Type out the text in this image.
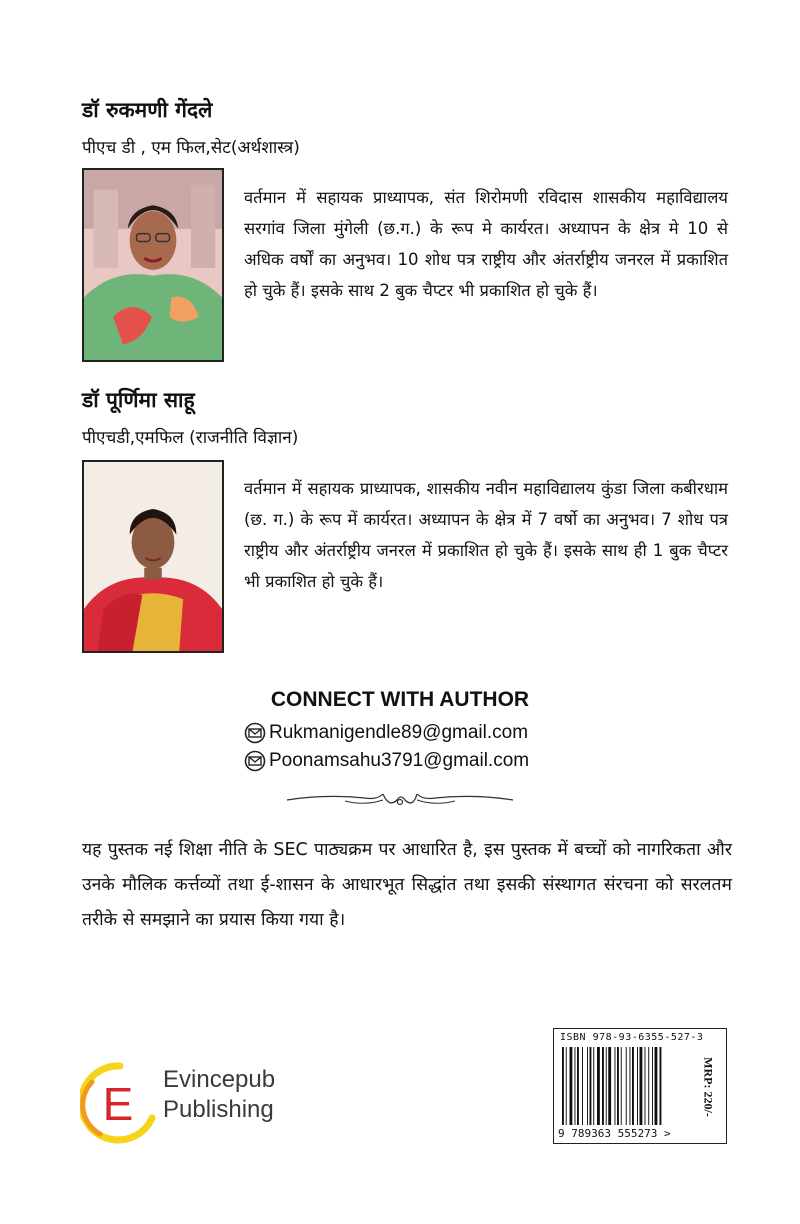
डॉ रुकमणी गेंदले
पीएच डी , एम फिल,सेट(अर्थशास्त्र)

वर्तमान में सहायक प्राध्यापक, संत शिरोमणी रविदास शासकीय महाविद्यालय सरगांव जिला मुंगेली (छ.ग.) के रूप मे कार्यरत। अध्यापन के क्षेत्र मे 10 से अधिक वर्षों का अनुभव। 10 शोध पत्र राष्ट्रीय और अंतर्राष्ट्रीय जनरल में प्रकाशित हो चुके हैं। इसके साथ 2 बुक चैप्टर भी प्रकाशित हो चुके हैं।

डॉ पूर्णिमा साहू
पीएचडी,एमफिल (राजनीति विज्ञान)

वर्तमान में सहायक प्राध्यापक, शासकीय नवीन महाविद्यालय कुंडा जिला कबीरधाम (छ. ग.) के रूप में कार्यरत। अध्यापन के क्षेत्र में 7 वर्षो का अनुभव। 7 शोध पत्र राष्ट्रीय और अंतर्राष्ट्रीय जनरल में प्रकाशित हो चुके हैं। इसके साथ ही 1 बुक चैप्टर भी प्रकाशित हो चुके हैं।

CONNECT WITH AUTHOR
Rukmanigendle89@gmail.com
Poonamsahu3791@gmail.com

यह पुस्तक नई शिक्षा नीति के SEC पाठ्यक्रम पर आधारित है, इस पुस्तक में बच्चों को नागरिकता और उनके मौलिक कर्त्तव्यों तथा ई-शासन के आधारभूत सिद्धांत तथा इसकी संस्थागत संरचना को सरलतम तरीके से समझाने का प्रयास किया गया है।

E Evincepub
Publishing
ISBN 978-93-6355-527-3
9 789363 555273 >
MRP: 220/-
